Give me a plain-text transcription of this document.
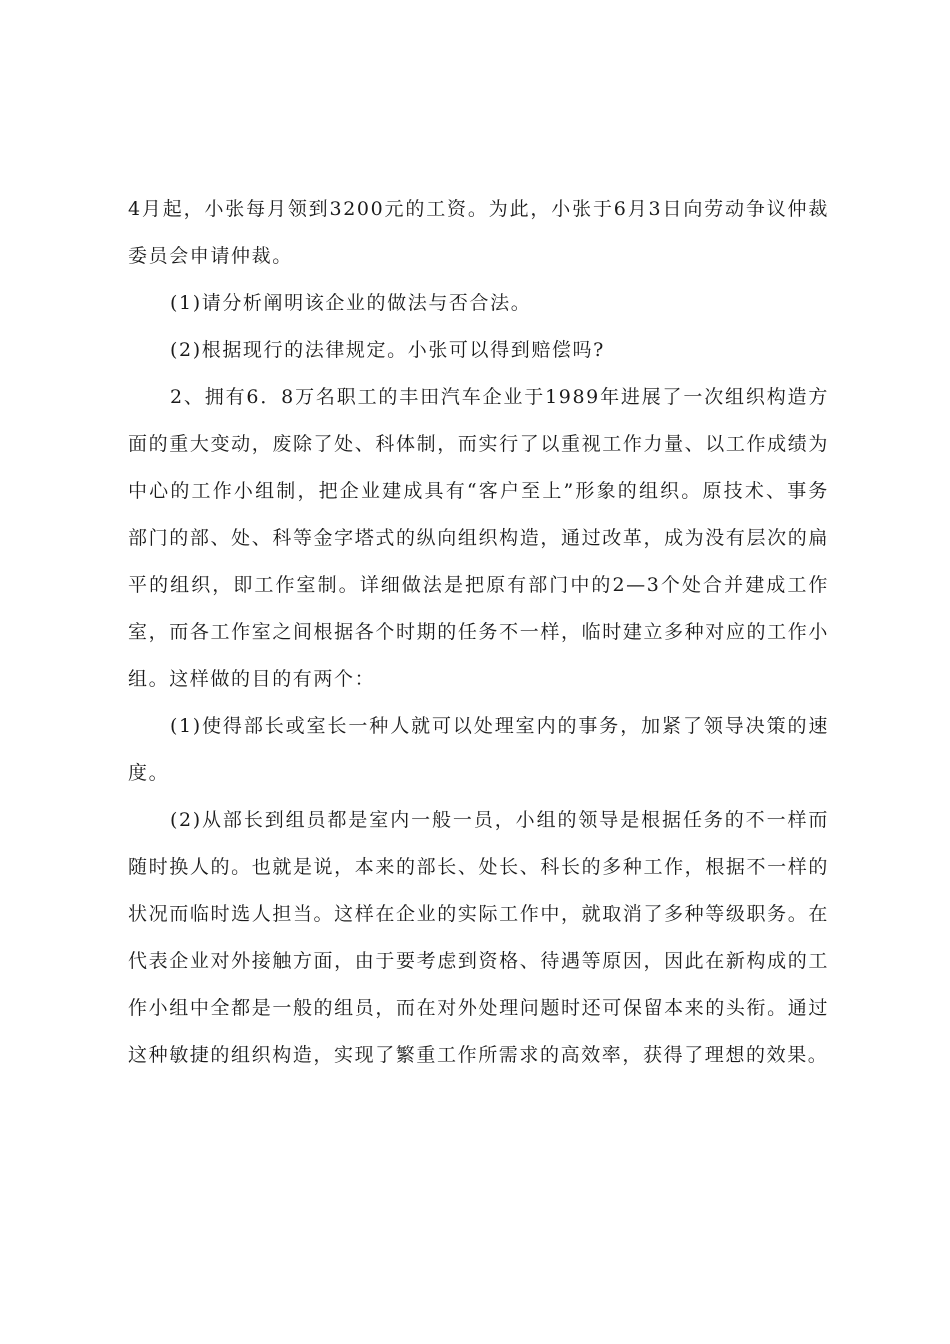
4月起，小张每月领到3200元的工资。为此，小张于6月3日向劳动争议仲裁委员会申请仲裁。

(1)请分析阐明该企业的做法与否合法。

(2)根据现行的法律规定。小张可以得到赔偿吗?

2、拥有6．8万名职工的丰田汽车企业于1989年进展了一次组织构造方面的重大变动，废除了处、科体制，而实行了以重视工作力量、以工作成绩为中心的工作小组制，把企业建成具有“客户至上”形象的组织。原技术、事务部门的部、处、科等金字塔式的纵向组织构造，通过改革，成为没有层次的扁平的组织，即工作室制。详细做法是把原有部门中的2—3个处合并建成工作室，而各工作室之间根据各个时期的任务不一样，临时建立多种对应的工作小组。这样做的目的有两个：

(1)使得部长或室长一种人就可以处理室内的事务，加紧了领导决策的速度。

(2)从部长到组员都是室内一般一员，小组的领导是根据任务的不一样而随时换人的。也就是说，本来的部长、处长、科长的多种工作，根据不一样的状况而临时选人担当。这样在企业的实际工作中，就取消了多种等级职务。在代表企业对外接触方面，由于要考虑到资格、待遇等原因，因此在新构成的工作小组中全都是一般的组员，而在对外处理问题时还可保留本来的头衔。通过这种敏捷的组织构造，实现了繁重工作所需求的高效率，获得了理想的效果。
